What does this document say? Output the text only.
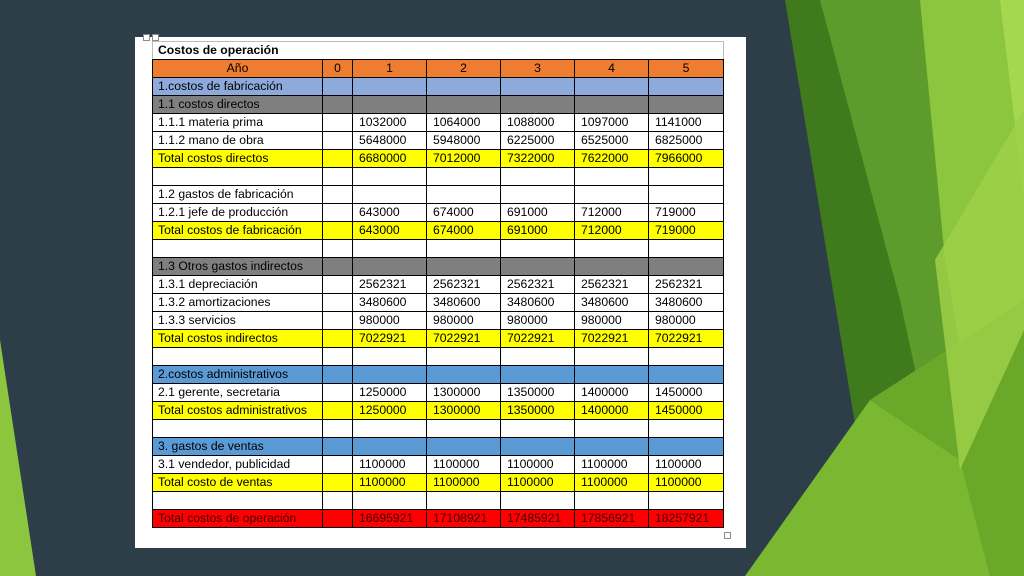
Costos de operación						
Año	0	1	2	3	4	5
1.costos de fabricación						
1.1 costos directos						
1.1.1 materia prima		1032000	1064000	1088000	1097000	1141000
1.1.2 mano de obra		5648000	5948000	6225000	6525000	6825000
Total costos directos		6680000	7012000	7322000	7622000	7966000

1.2 gastos de fabricación						
1.2.1 jefe de producción		643000	674000	691000	712000	719000
Total costos de fabricación		643000	674000	691000	712000	719000

1.3 Otros gastos indirectos						
1.3.1 depreciación		2562321	2562321	2562321	2562321	2562321
1.3.2 amortizaciones		3480600	3480600	3480600	3480600	3480600
1.3.3 servicios		980000	980000	980000	980000	980000
Total costos indirectos		7022921	7022921	7022921	7022921	7022921

2.costos administrativos						
2.1 gerente, secretaria		1250000	1300000	1350000	1400000	1450000
Total costos administrativos		1250000	1300000	1350000	1400000	1450000

3. gastos de ventas						
3.1 vendedor, publicidad		1100000	1100000	1100000	1100000	1100000
Total costo de ventas		1100000	1100000	1100000	1100000	1100000

Total costos de operación		16695921	17108921	17485921	17856921	18257921
